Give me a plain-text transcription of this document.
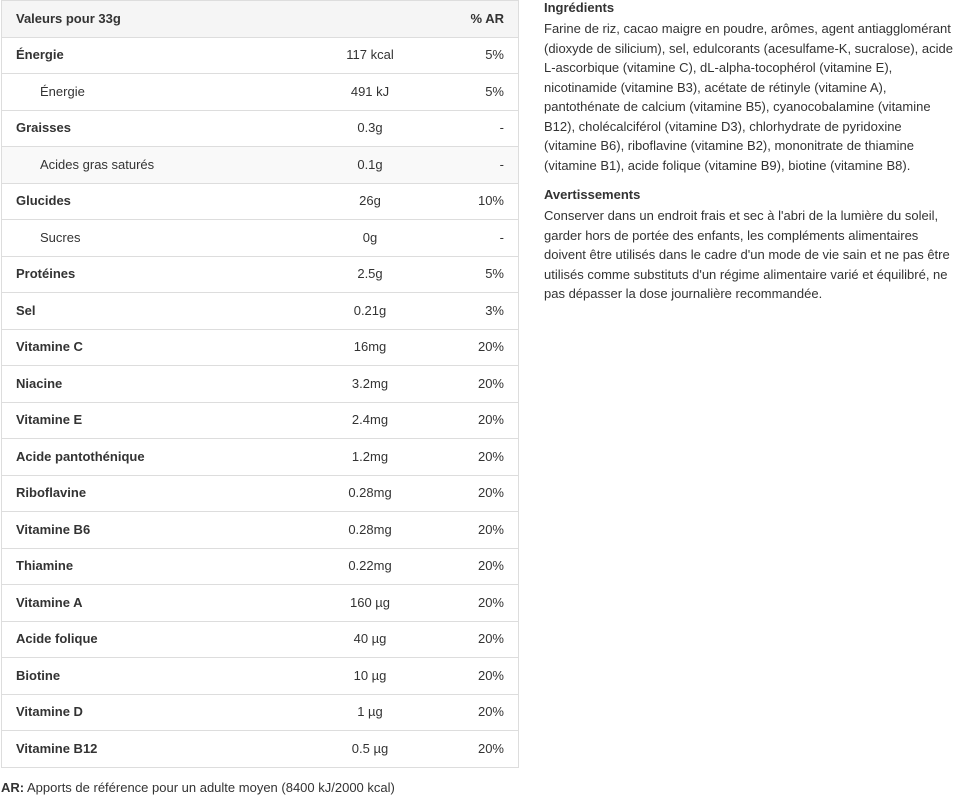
Valeurs pour 33g		% AR
Énergie	117 kcal	5%
Énergie	491 kJ	5%
Graisses	0.3g	-
Acides gras saturés	0.1g	-
Glucides	26g	10%
Sucres	0g	-
Protéines	2.5g	5%
Sel	0.21g	3%
Vitamine C	16mg	20%
Niacine	3.2mg	20%
Vitamine E	2.4mg	20%
Acide pantothénique	1.2mg	20%
Riboflavine	0.28mg	20%
Vitamine B6	0.28mg	20%
Thiamine	0.22mg	20%
Vitamine A	160 µg	20%
Acide folique	40 µg	20%
Biotine	10 µg	20%
Vitamine D	1 µg	20%
Vitamine B12	0.5 µg	20%
Ingrédients

Farine de riz, cacao maigre en poudre, arômes, agent antiagglomérant (dioxyde de silicium), sel, edulcorants (acesulfame-K, sucralose), acide L-ascorbique (vitamine C), dL-alpha-tocophérol (vitamine E), nicotinamide (vitamine B3), acétate de rétinyle (vitamine A), pantothénate de calcium (vitamine B5), cyanocobalamine (vitamine B12), cholécalciférol (vitamine D3), chlorhydrate de pyridoxine (vitamine B6), riboflavine (vitamine B2), mononitrate de thiamine (vitamine B1), acide folique (vitamine B9), biotine (vitamine B8).

Avertissements

Conserver dans un endroit frais et sec à l'abri de la lumière du soleil, garder hors de portée des enfants, les compléments alimentaires doivent être utilisés dans le cadre d'un mode de vie sain et ne pas être utilisés comme substituts d'un régime alimentaire varié et équilibré, ne pas dépasser la dose journalière recommandée.

AR: Apports de référence pour un adulte moyen (8400 kJ/2000 kcal)
